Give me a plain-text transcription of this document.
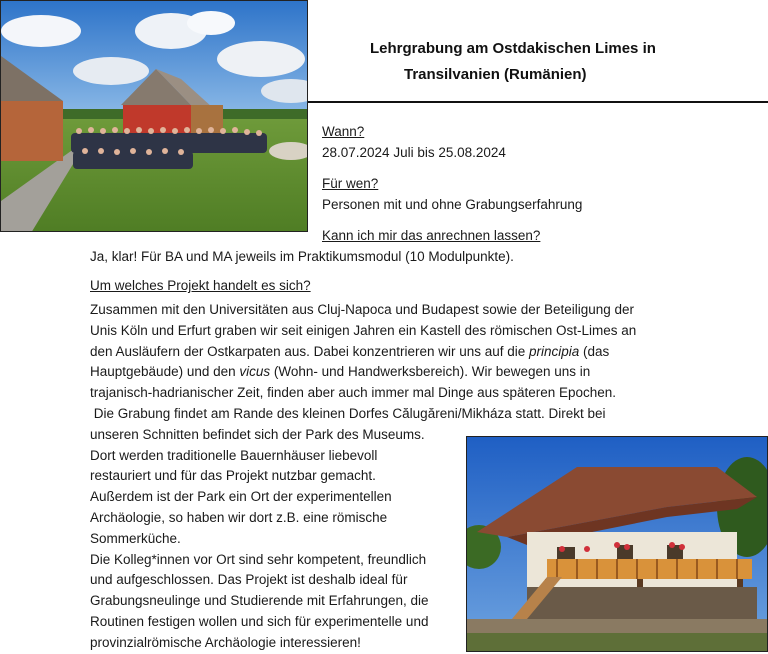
Lehrgrabung am Ostdakischen Limes in
Transilvanien (Rumänien)
Wann?
28.07.2024 Juli bis 25.08.2024
Für wen?
Personen mit und ohne Grabungserfahrung
Kann ich mir das anrechnen lassen?
Ja, klar! Für BA und MA jeweils im Praktikumsmodul (10 Modulpunkte).
Um welches Projekt handelt es sich?
Zusammen mit den Universitäten aus Cluj-Napoca und Budapest sowie der Beteiligung der
Unis Köln und Erfurt graben wir seit einigen Jahren ein Kastell des römischen Ost-Limes an
den Ausläufern der Ostkarpaten aus. Dabei konzentrieren wir uns auf die principia (das
Hauptgebäude) und den vicus (Wohn- und Handwerksbereich). Wir bewegen uns in
trajanisch-hadrianischer Zeit, finden aber auch immer mal Dinge aus späteren Epochen.
Die Grabung findet am Rande des kleinen Dorfes Călugăreni/Mikháza statt. Direkt bei
unseren Schnitten befindet sich der Park des Museums.
Dort werden traditionelle Bauernhäuser liebevoll
restauriert und für das Projekt nutzbar gemacht.
Außerdem ist der Park ein Ort der experimentellen
Archäologie, so haben wir dort z.B. eine römische
Sommerküche.
Die Kolleg*innen vor Ort sind sehr kompetent, freundlich
und aufgeschlossen. Das Projekt ist deshalb ideal für
Grabungsneulinge und Studierende mit Erfahrungen, die
Routinen festigen wollen und sich für experimentelle und
provinzialrömische Archäologie interessieren!
